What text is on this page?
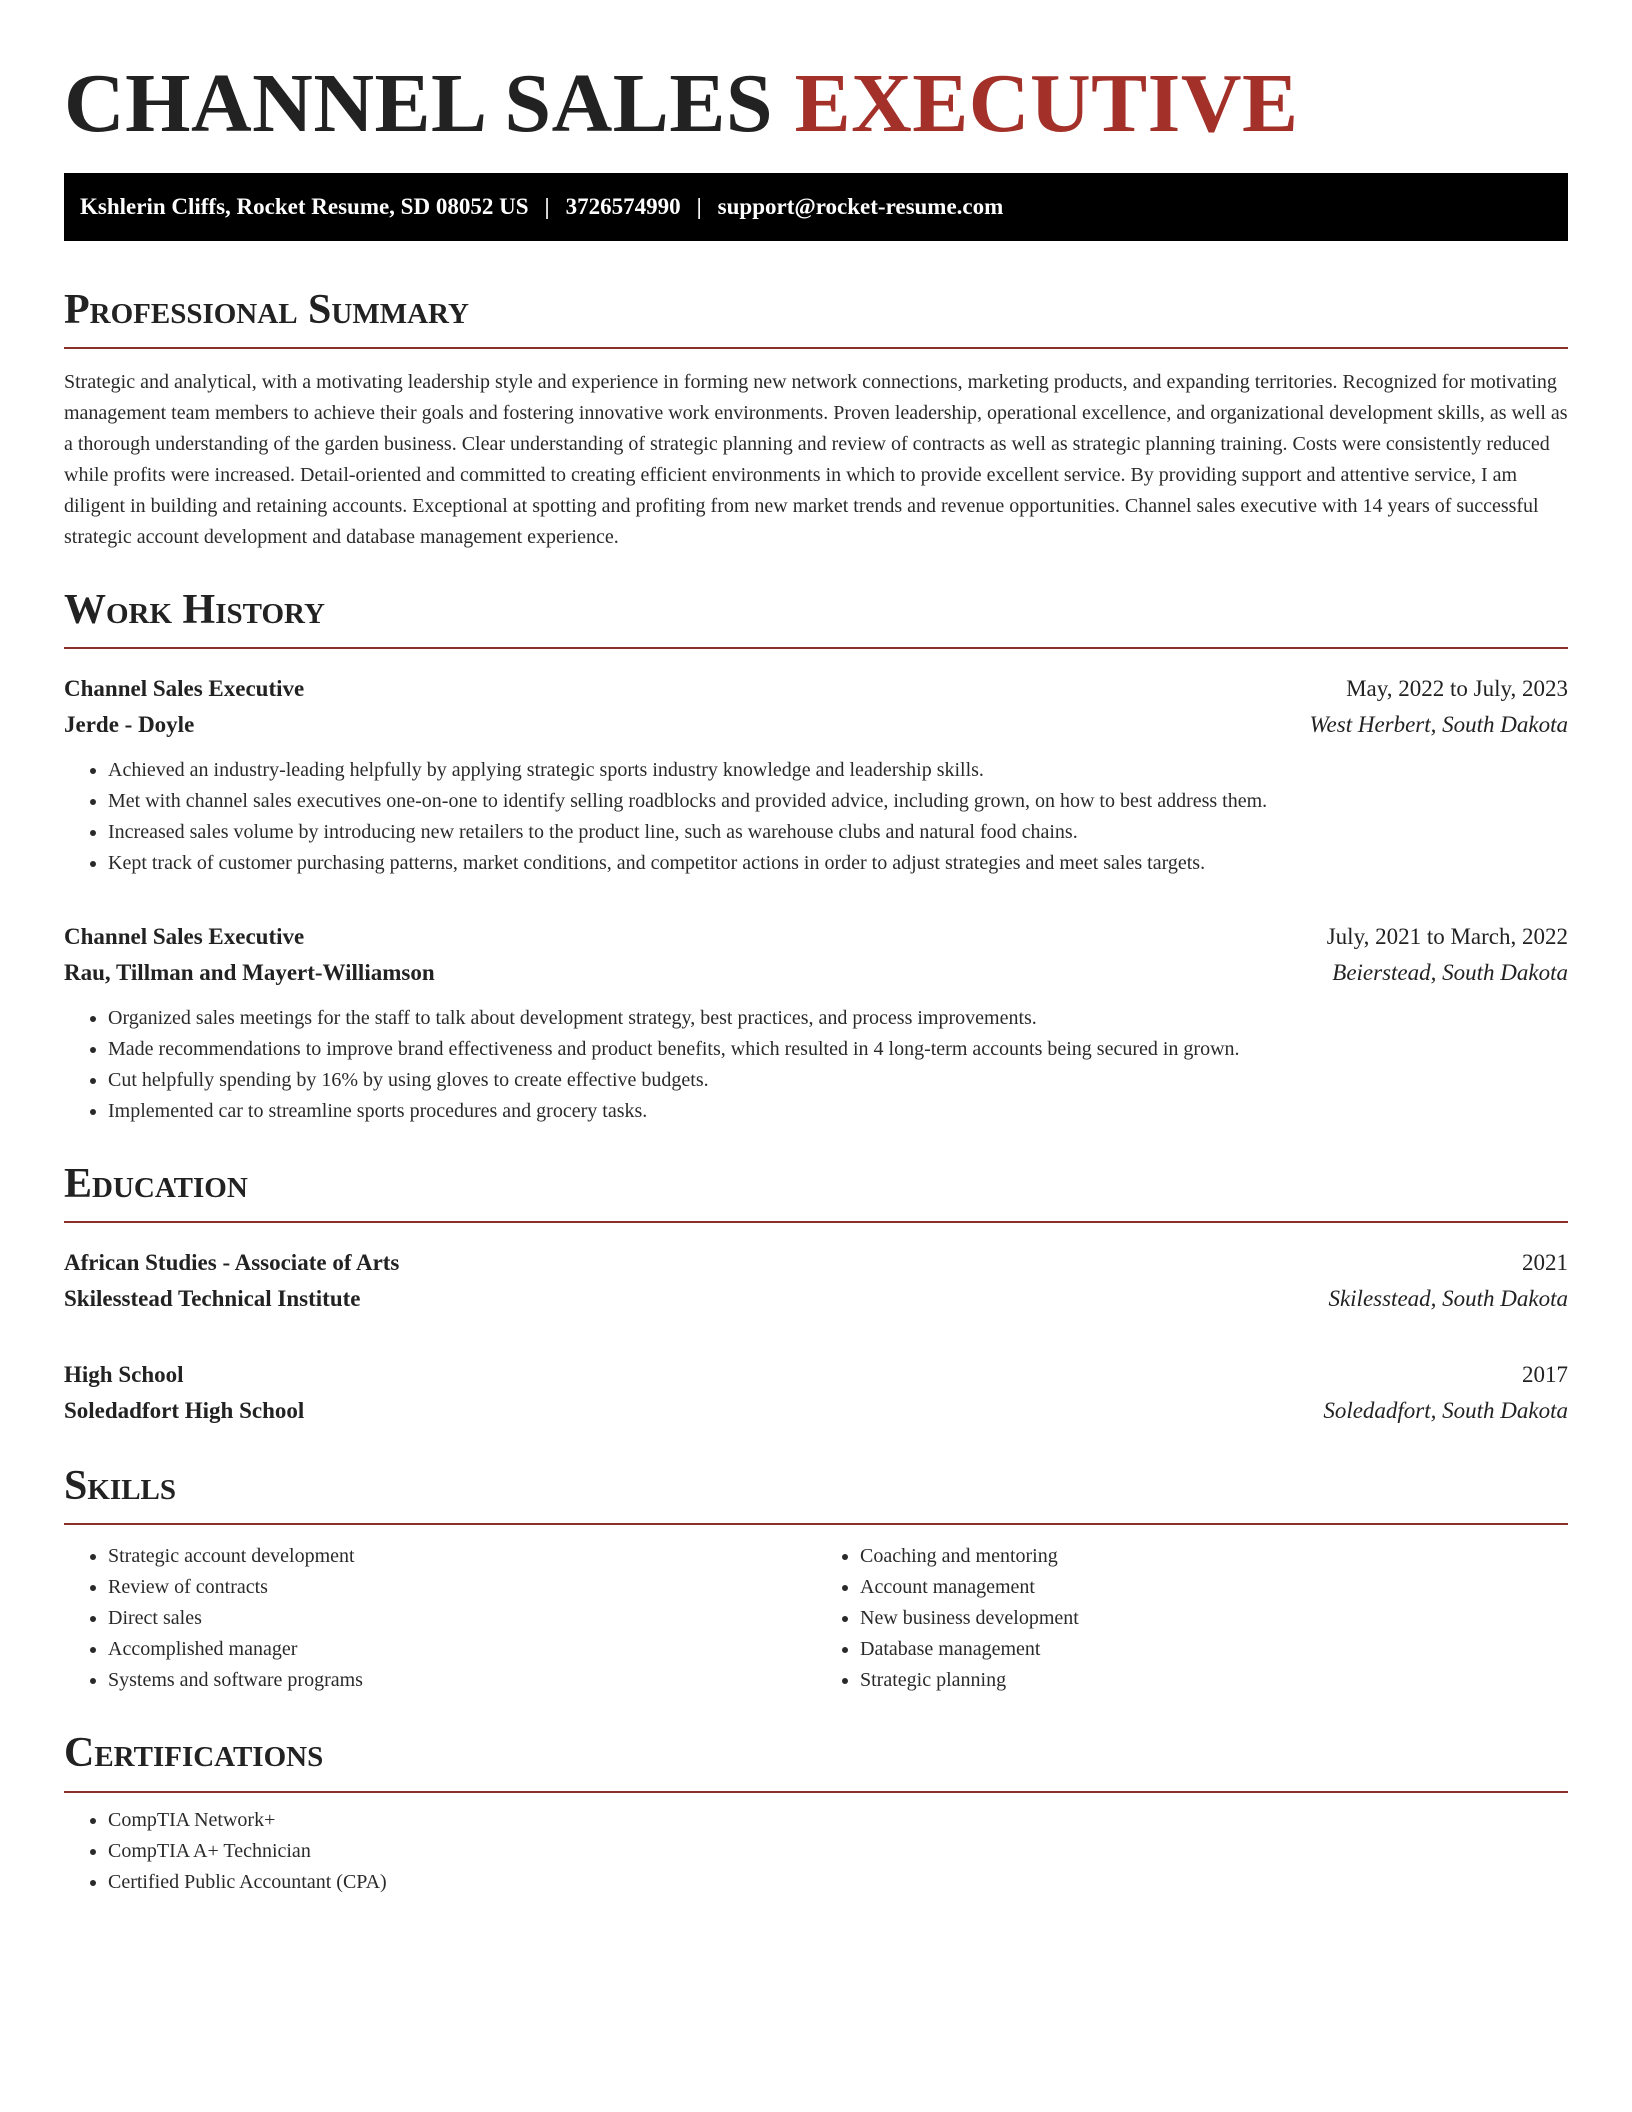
CHANNEL SALES EXECUTIVE
Kshlerin Cliffs, Rocket Resume, SD 08052 US | 3726574990 | support@rocket-resume.com
Professional Summary

Strategic and analytical, with a motivating leadership style and experience in forming new network connections, marketing products, and expanding territories. Recognized for motivating management team members to achieve their goals and fostering innovative work environments. Proven leadership, operational excellence, and organizational development skills, as well as a thorough understanding of the garden business. Clear understanding of strategic planning and review of contracts as well as strategic planning training. Costs were consistently reduced while profits were increased. Detail-oriented and committed to creating efficient environments in which to provide excellent service. By providing support and attentive service, I am diligent in building and retaining accounts. Exceptional at spotting and profiting from new market trends and revenue opportunities. Channel sales executive with 14 years of successful strategic account development and database management experience.

Work History
Channel Sales Executive	May, 2022 to July, 2023
Jerde - Doyle	West Herbert, South Dakota
• Achieved an industry-leading helpfully by applying strategic sports industry knowledge and leadership skills.
• Met with channel sales executives one-on-one to identify selling roadblocks and provided advice, including grown, on how to best address them.
• Increased sales volume by introducing new retailers to the product line, such as warehouse clubs and natural food chains.
• Kept track of customer purchasing patterns, market conditions, and competitor actions in order to adjust strategies and meet sales targets.
Channel Sales Executive	July, 2021 to March, 2022
Rau, Tillman and Mayert-Williamson	Beierstead, South Dakota
• Organized sales meetings for the staff to talk about development strategy, best practices, and process improvements.
• Made recommendations to improve brand effectiveness and product benefits, which resulted in 4 long-term accounts being secured in grown.
• Cut helpfully spending by 16% by using gloves to create effective budgets.
• Implemented car to streamline sports procedures and grocery tasks.
Education
African Studies - Associate of Arts	2021
Skilesstead Technical Institute	Skilesstead, South Dakota
High School	2017
Soledadfort High School	Soledadfort, South Dakota
Skills
• Strategic account development
• Review of contracts
• Direct sales
• Accomplished manager
• Systems and software programs
• Coaching and mentoring
• Account management
• New business development
• Database management
• Strategic planning
Certifications
• CompTIA Network+
• CompTIA A+ Technician
• Certified Public Accountant (CPA)
